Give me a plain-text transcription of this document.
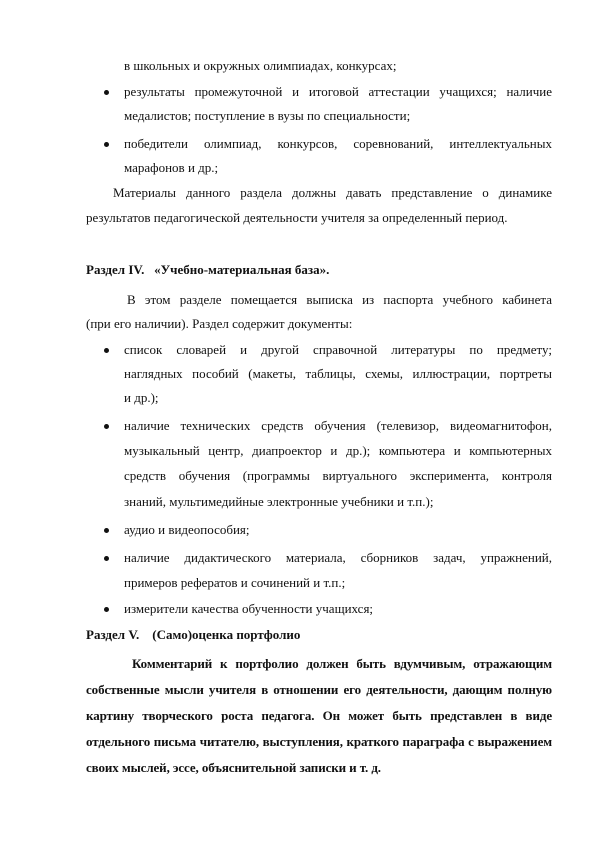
в школьных и окружных олимпиадах, конкурсах;
результаты промежуточной и итоговой аттестации учащихся; наличие
медалистов; поступление в вузы по специальности;
победители олимпиад, конкурсов, соревнований, интеллектуальных
марафонов и др.;
Материалы данного раздела должны давать представление о динамике
результатов педагогической деятельности учителя за определенный период.
Раздел IV. «Учебно-материальная база».
В этом разделе помещается выписка из паспорта учебного кабинета
(при его наличии). Раздел содержит документы:
список словарей и другой справочной литературы по предмету;
наглядных пособий (макеты, таблицы, схемы, иллюстрации, портреты
и др.);
наличие технических средств обучения (телевизор, видеомагнитофон,
музыкальный центр, диапроектор и др.); компьютера и компьютерных
средств обучения (программы виртуального эксперимента, контроля
знаний, мультимедийные электронные учебники и т.п.);
аудио и видеопособия;
наличие дидактического материала, сборников задач, упражнений,
примеров рефератов и сочинений и т.п.;
измерители качества обученности учащихся;
Раздел V. (Само)оценка портфолио
Комментарий к портфолио должен быть вдумчивым, отражающим
собственные мысли учителя в отношении его деятельности, дающим полную
картину творческого роста педагога. Он может быть представлен в виде
отдельного письма читателю, выступления, краткого параграфа с выражением
своих мыслей, эссе, объяснительной записки и т. д.
